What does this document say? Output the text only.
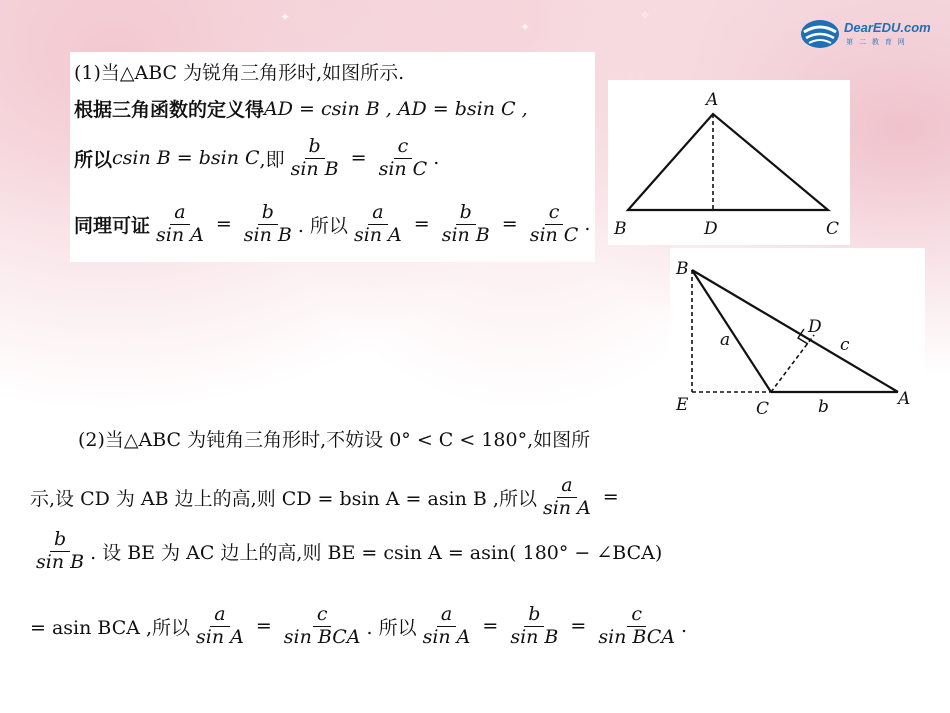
✦
✦
✧
DearEDU.com
第 二 教 育 网
(1)当△ABC 为锐角三角形时,如图所示.
根据三角函数的定义得 AD = csin B , AD = bsin C ,
所以 csin B = bsin C ,即 $\frac{b}{\text{sin B}} = \frac{c}{\text{sin C}}$ .
同理可证 $\frac{a}{\text{sin A}} = \frac{b}{\text{sin B}}$ . 所以 $\frac{a}{\text{sin A}} = \frac{b}{\text{sin B}} = \frac{c}{\text{sin C}}$ .
A
B	D	C
B
D
E	C	A
a	c
b
(2)当△ABC 为钝角三角形时,不妨设 0° < C < 180°,如图所
示,设 CD 为 AB 边上的高,则 CD = bsin A = asin B ,所以 $\frac{a}{\text{sin A}}$ =
$\frac{b}{\text{sin B}}$ . 设 BE 为 AC 边上的高,则 BE = csin A = asin( 180° − ∠BCA)
= asin BCA ,所以 $\frac{a}{\text{sin A}} = \frac{c}{\text{sin BCA}}$ . 所以 $\frac{a}{\text{sin A}} = \frac{b}{\text{sin B}} = \frac{c}{\text{sin BCA}}$ .
